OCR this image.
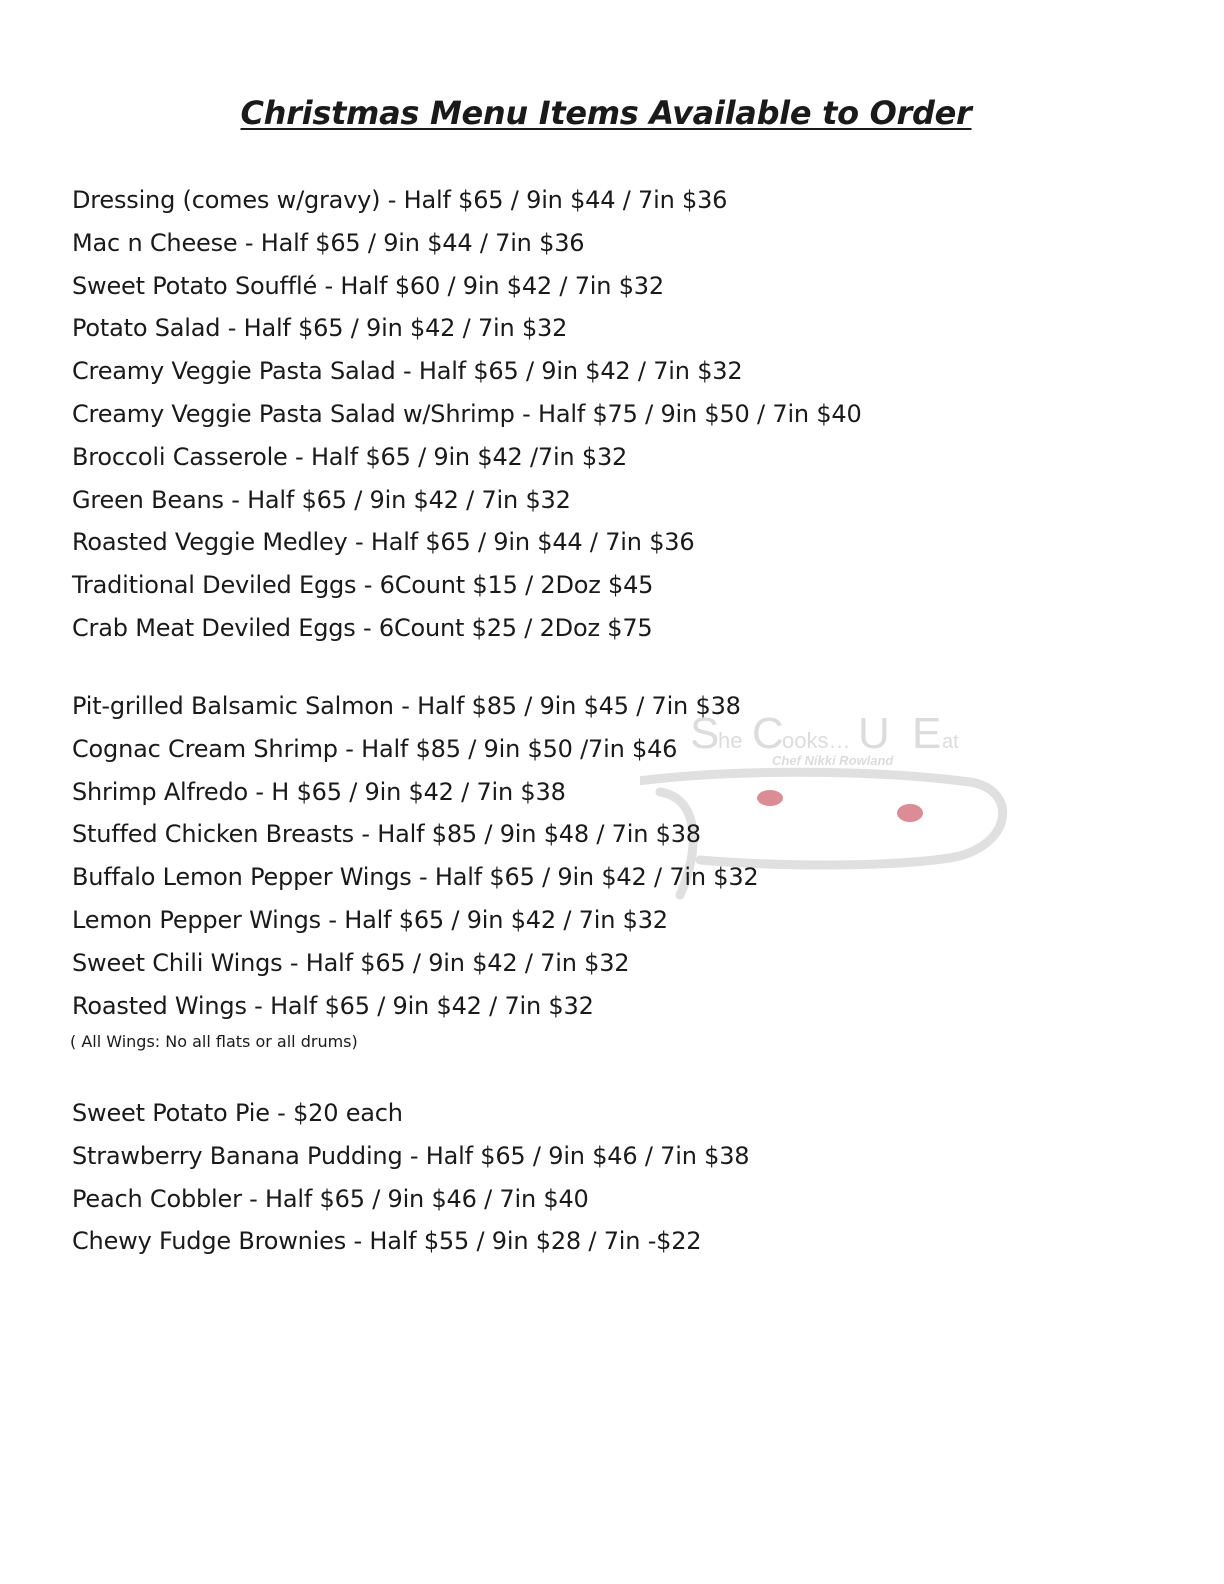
Christmas Menu Items Available to Order
S
he C
ooks… U E at
Chef Nikki Rowland
Dressing (comes w/gravy) - Half $65 / 9in $44 / 7in $36
Mac n Cheese - Half $65 / 9in $44 / 7in $36
Sweet Potato Soufflé - Half $60 / 9in $42 / 7in $32
Potato Salad - Half $65 / 9in $42 / 7in $32
Creamy Veggie Pasta Salad - Half $65 / 9in $42 / 7in $32
Creamy Veggie Pasta Salad w/Shrimp - Half $75 / 9in $50 / 7in $40
Broccoli Casserole - Half $65 / 9in $42 /7in $32
Green Beans - Half $65 / 9in $42 / 7in $32
Roasted Veggie Medley - Half $65 / 9in $44 / 7in $36
Traditional Deviled Eggs - 6Count $15 / 2Doz $45
Crab Meat Deviled Eggs - 6Count $25 / 2Doz $75
Pit-grilled Balsamic Salmon - Half $85 / 9in $45 / 7in $38
Cognac Cream Shrimp - Half $85 / 9in $50 /7in $46
Shrimp Alfredo - H $65 / 9in $42 / 7in $38
Stuffed Chicken Breasts - Half $85 / 9in $48 / 7in $38
Buffalo Lemon Pepper Wings - Half $65 / 9in $42 / 7in $32
Lemon Pepper Wings - Half $65 / 9in $42 / 7in $32
Sweet Chili Wings - Half $65 / 9in $42 / 7in $32
Roasted Wings - Half $65 / 9in $42 / 7in $32
( All Wings: No all flats or all drums)
Sweet Potato Pie - $20 each
Strawberry Banana Pudding - Half $65 / 9in $46 / 7in $38
Peach Cobbler - Half $65 / 9in $46 / 7in $40
Chewy Fudge Brownies - Half $55 / 9in $28 / 7in -$22
